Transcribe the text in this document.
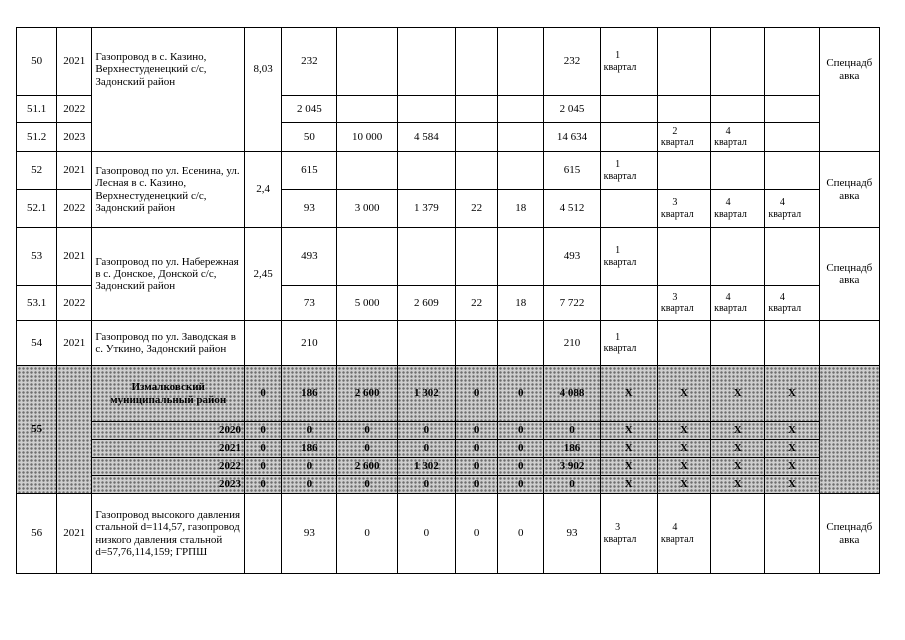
50	2021	Газопровод в с. Казино, Верхнестуденецкий с/с, Задонский район	8,03	232					232	1
квартал				Спецнадб авка
51.1	2022			2 045					2 045					
51.2	2023			50	10 000	4 584			14 634		2
квартал	4
квартал		
52	2021	Газопровод по ул. Есенина, ул. Лесная в с. Казино, Верхнестуденецкий с/с, Задонский район	2,4	615					615	1
квартал				Спецнадб авка
52.1	2022			93	3 000	1 379	22	18	4 512		3
квартал	4
квартал	4
квартал	
53	2021	Газопровод по ул. Набережная в с. Донское, Донской с/с, Задонский район	2,45	493					493	1
квартал				Спецнадб авка
53.1	2022			73	5 000	2 609	22	18	7 722		3
квартал	4
квартал	4
квартал	
54	2021	Газопровод по ул. Заводская в с. Уткино, Задонский район		210					210	1
квартал				
55		Измалковский муниципальный район	0	186	2 600	1 302	0	0	4 088	X	X	X	X	
		2020	0	0	0	0	0	0	0	X	X	X	X	
		2021	0	186	0	0	0	0	186	X	X	X	X	
		2022	0	0	2 600	1 302	0	0	3 902	X	X	X	X	
		2023	0	0	0	0	0	0	0	X	X	X	X	
56	2021	Газопровод высокого давления стальной d=114,57, газопровод низкого давления стальной d=57,76,114,159; ГРПШ		93	0	0	0	0	93	3
квартал	4
квартал			Спецнадб авка
